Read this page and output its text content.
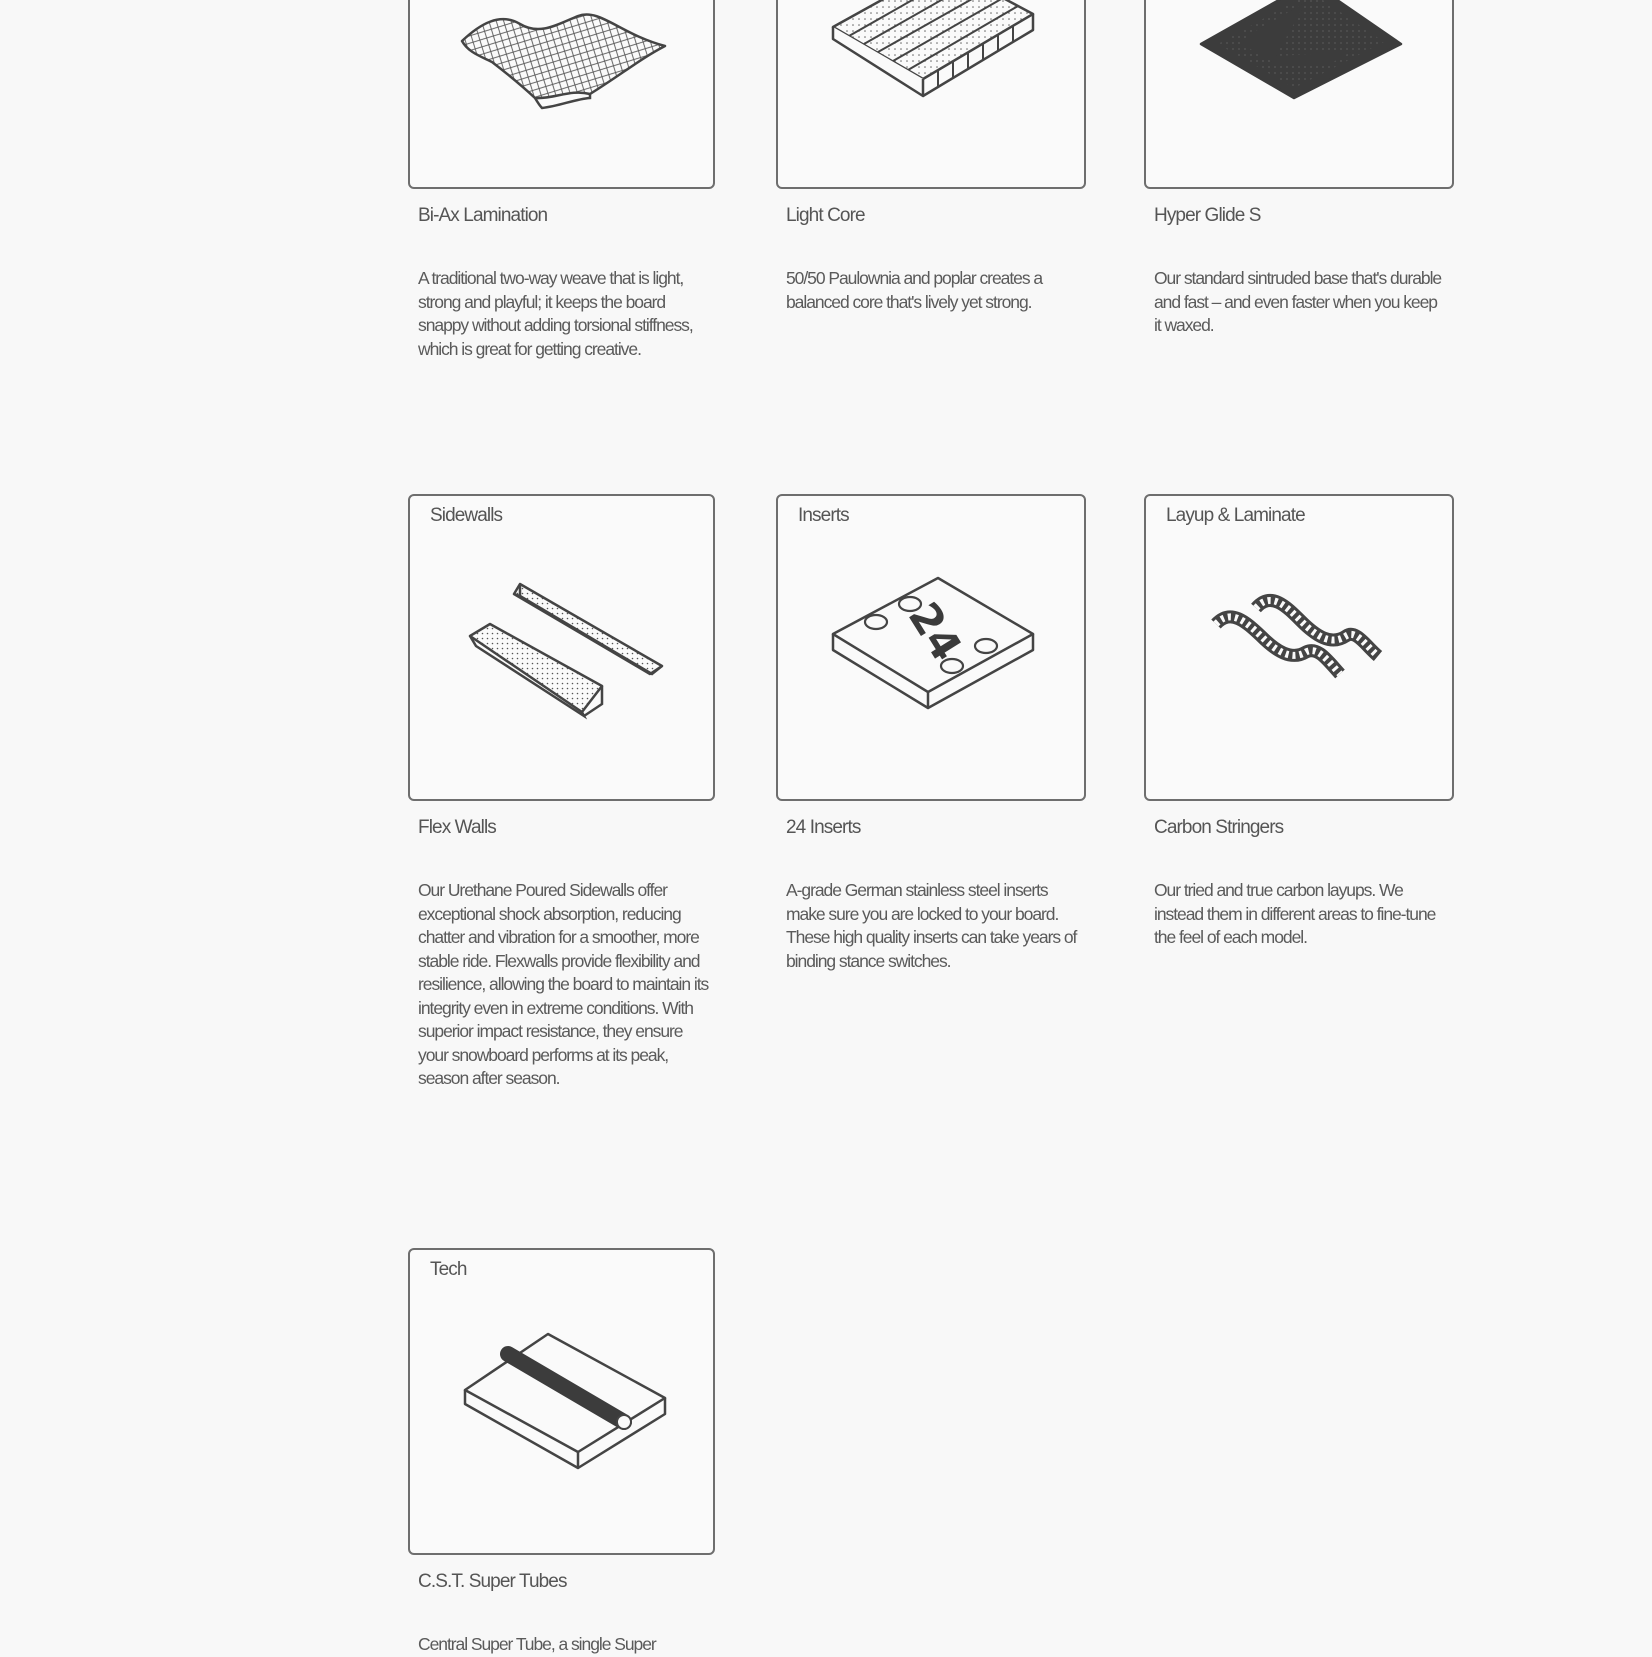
Bi-Ax Lamination
A traditional two-way weave that is light, strong and playful; it keeps the board snappy without adding torsional stiffness, which is great for getting creative.
Light Core
50/50 Paulownia and poplar creates a balanced core that's lively yet strong.
Hyper Glide S
Our standard sintruded base that's durable and fast – and even faster when you keep it waxed.
Sidewalls
Flex Walls
Our Urethane Poured Sidewalls offer exceptional shock absorption, reducing chatter and vibration for a smoother, more stable ride. Flexwalls provide flexibility and resilience, allowing the board to maintain its integrity even in extreme conditions. With superior impact resistance, they ensure your snowboard performs at its peak, season after season.
Inserts
24
24 Inserts
A-grade German stainless steel inserts make sure you are locked to your board. These high quality inserts can take years of binding stance switches.
Layup & Laminate
Carbon Stringers
Our tried and true carbon layups. We instead them in different areas to fine-tune the feel of each model.
Tech
C.S.T. Super Tubes
Central Super Tube, a single Super
